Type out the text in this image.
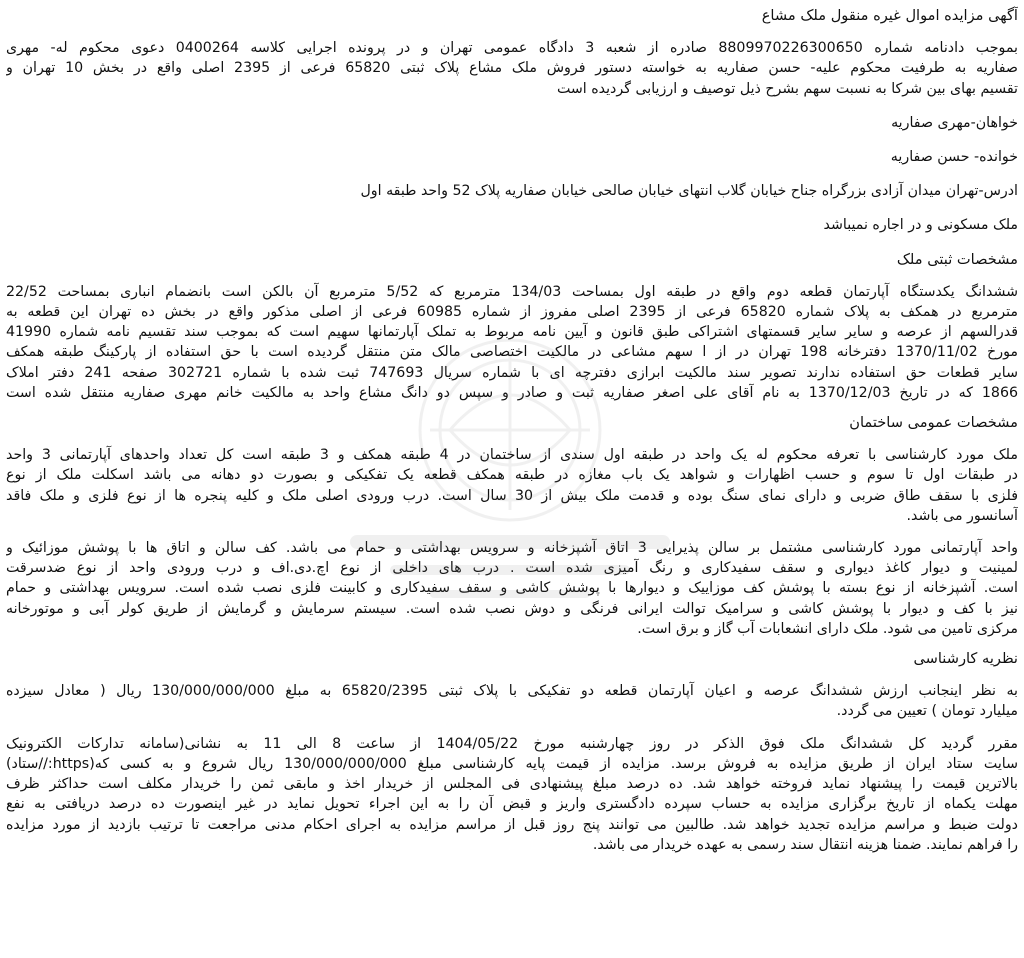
آگهی مزایده اموال غیره منقول ملک مشاع
بموجب دادنامه شماره 880997022630065‌0 صادره از شعبه 3 دادگاه عمومی تهران و در پرونده اجرایی کلاسه 0400264 دعوی محکوم له- مهری
صفاریه به طرفیت محکوم علیه- حسن صفاریه به خواسته دستور فروش ملک مشاع پلاک ثبتی 65820 فرعی از 2395 اصلی واقع در بخش 10 تهران و
تقسیم بهای بین شرکا به نسبت سهم بشرح ذیل توصیف و ارزیابی گردیده است
خواهان-مهری صفاریه
خوانده- حسن صفاریه
ادرس-تهران میدان آزادی بزرگراه جناح خیابان گلاب انتهای خیابان صالحی خیابان صفاریه پلاک 52 واحد طبقه اول
ملک مسکونی و در اجاره نمیباشد
مشخصات ثبتی ملک
ششدانگ یکدستگاه آپارتمان قطعه دوم واقع در طبقه اول بمساحت 134/03 مترمربع که 5/52 مترمربع آن بالکن است بانضمام انباری بمساحت 22/52
مترمربع در همکف به پلاک شماره 65820 فرعی از 2395 اصلی مفروز از شماره 60985 فرعی از اصلی مذکور واقع در بخش ده تهران این قطعه به
قدرالسهم از عرصه و سایر سایر قسمتهای اشتراکی طبق قانون و آیین نامه مربوط به تملک آپارتمانها سهیم است که بموجب سند تقسیم نامه شماره 41990
مورخ 1370/11/02 دفترخانه 198 تهران در از ا سهم مشاعی در مالکیت اختصاصی مالک متن منتقل گردیده است با حق استفاده از پارکینگ طبقه همکف
سایر قطعات حق استفاده ندارند تصویر سند مالکیت ابرازی دفترچه ای با شماره سریال 747693 ثبت شده با شماره 302721 صفحه 241 دفتر املاک
1866 که در تاریخ 1370/12/03 به نام آقای علی اصغر صفاریه ثبت و صادر و سپس دو دانگ مشاع واحد به مالکیت خانم مهری صفاریه منتقل شده است
مشخصات عمومی ساختمان
ملک مورد کارشناسی با تعرفه محکوم له یک واحد در طبقه اول سندی از ساختمان در 4 طبقه همکف و 3 طبقه است کل تعداد واحدهای آپارتمانی 3 واحد
در طبقات اول تا سوم و حسب اظهارات و شواهد یک باب مغازه در طبقه همکف قطعه یک تفکیکی و بصورت دو دهانه می باشد اسکلت ملک از نوع
فلزی با سقف طاق ضربی و دارای نمای سنگ بوده و قدمت ملک بیش از 30 سال است. درب ورودی اصلی ملک و کلیه پنجره ها از نوع فلزی و ملک فاقد
آسانسور می باشد.
واحد آپارتمانی مورد کارشناسی مشتمل بر سالن پذیرایی 3 اتاق آشپزخانه و سرویس بهداشتی و حمام می باشد. کف سالن و اتاق ها با پوشش موزائیک و
لمینیت و دیوار کاغذ دیواری و سقف سفیدکاری و رنگ آمیزی شده است . درب های داخلی از نوع اچ.دی.اف و درب ورودی واحد از نوع ضدسرقت
است. آشپزخانه از نوع بسته با پوشش کف موزاییک و دیوارها با پوشش کاشی و سقف سفیدکاری و کابینت فلزی نصب شده است. سرویس بهداشتی و حمام
نیز با کف و دیوار با پوشش کاشی و سرامیک توالت ایرانی فرنگی و دوش نصب شده است. سیستم سرمایش و گرمایش از طریق کولر آبی و موتورخانه
مرکزی تامین می شود. ملک دارای انشعابات آب گاز و برق است.
نظریه کارشناسی
به نظر اینجانب ارزش ششدانگ عرصه و اعیان آپارتمان قطعه دو تفکیکی با پلاک ثبتی 65820/2395 به مبلغ 130/000/000/000 ریال ( معادل سیزده
میلیارد تومان ) تعیین می گردد.
مقرر گردید کل ششدانگ ملک فوق الذکر در روز چهارشنبه مورخ 1404/05/22 از ساعت 8 الی 11 به نشانی(سامانه تدارکات الکترونیک
سایت ستاد ایران از طریق مزایده به فروش برسد. مزایده از قیمت پایه کارشناسی مبلغ 130/000/000/000 ریال شروع و به کسی که(https://ستاد)
بالاترین قیمت را پیشنهاد نماید فروخته خواهد شد. ده درصد مبلغ پیشنهادی فی المجلس از خریدار اخذ و مابقی ثمن را خریدار مکلف است حداکثر ظرف
مهلت یکماه از تاریخ برگزاری مزایده به حساب سپرده دادگستری واریز و قبض آن را به این اجراء تحویل نماید در غیر اینصورت ده درصد دریافتی به نفع
دولت ضبط و مراسم مزایده تجدید خواهد شد. طالبین می توانند پنج روز قبل از مراسم مزایده به اجرای احکام مدنی مراجعت تا ترتیب بازدید از مورد مزایده
را فراهم نمایند. ضمنا هزینه انتقال سند رسمی به عهده خریدار می باشد.
